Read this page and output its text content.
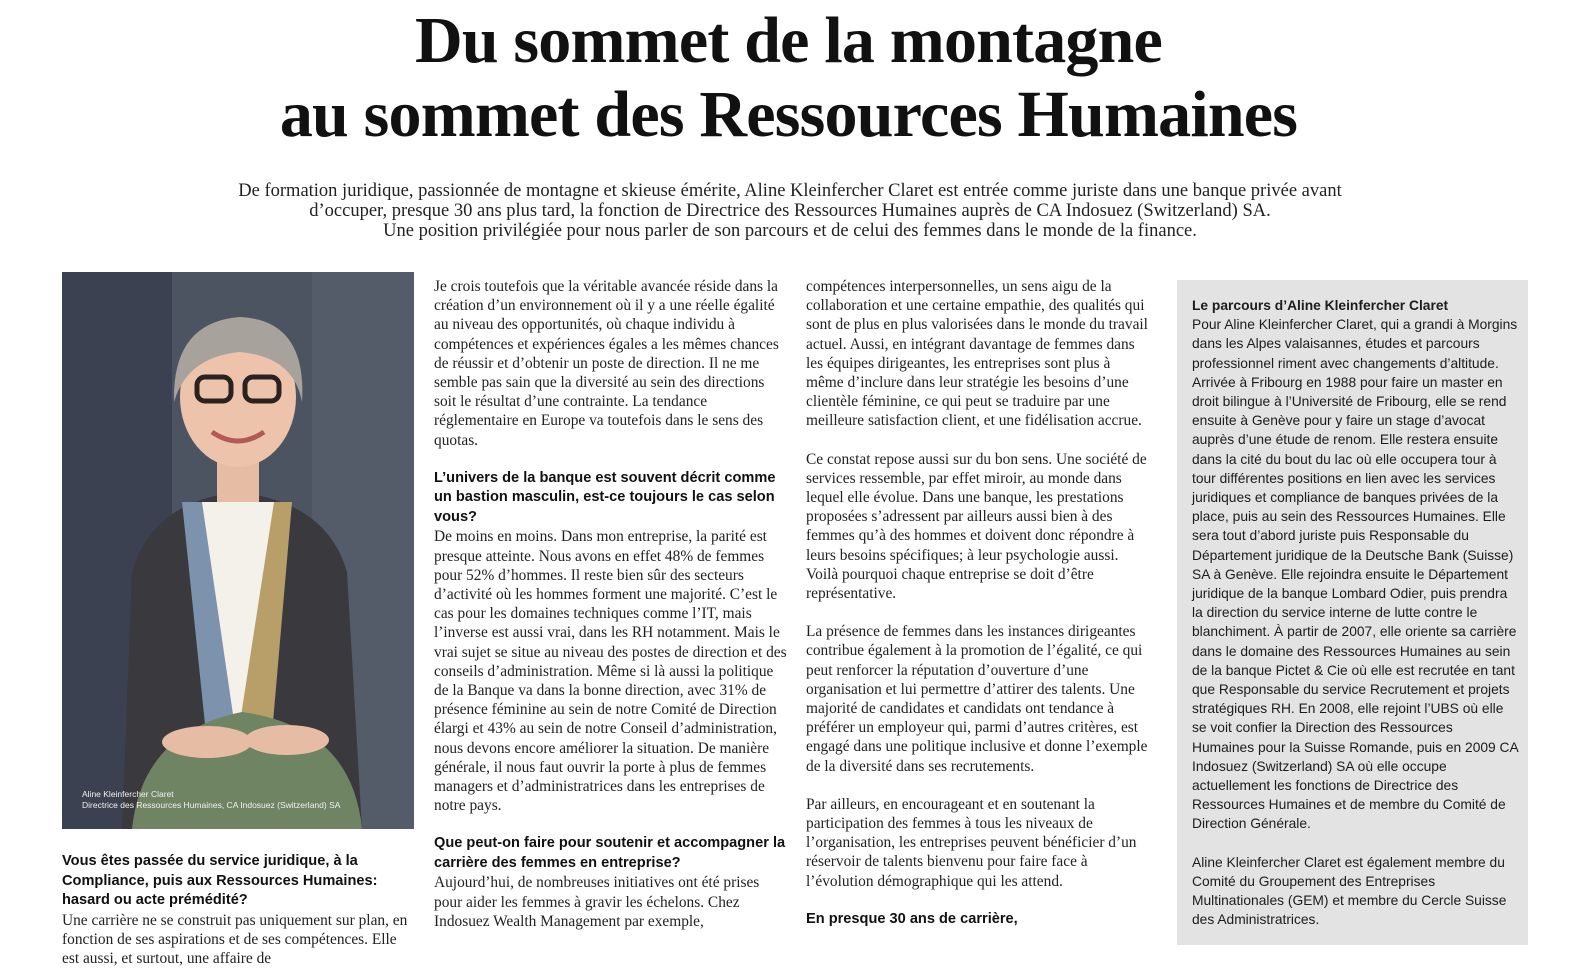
Du sommet de la montagne
au sommet des Ressources Humaines

De formation juridique, passionnée de montagne et skieuse émérite, Aline Kleinfercher Claret est entrée comme juriste dans une banque privée avant
d’occuper, presque 30 ans plus tard, la fonction de Directrice des Ressources Humaines auprès de CA Indosuez (Switzerland) SA.
Une position privilégiée pour nous parler de son parcours et de celui des femmes dans le monde de la finance.

Aline Kleinfercher Claret
Directrice des Ressources Humaines, CA Indosuez (Switzerland) SA

Vous êtes passée du service juridique, à la Compliance, puis aux Ressources Humaines: hasard ou acte prémédité?

Une carrière ne se construit pas uniquement sur plan, en fonction de ses aspirations et de ses compétences. Elle est aussi, et surtout, une affaire de

Je crois toutefois que la véritable avancée réside dans la création d’un environnement où il y a une réelle égalité au niveau des opportunités, où chaque individu à compétences et expériences égales a les mêmes chances de réussir et d’obtenir un poste de direction. Il ne me semble pas sain que la diversité au sein des directions soit le résultat d’une contrainte. La tendance réglementaire en Europe va toutefois dans le sens des quotas.

L’univers de la banque est souvent décrit comme un bastion masculin, est-ce toujours le cas selon vous?

De moins en moins. Dans mon entreprise, la parité est presque atteinte. Nous avons en effet 48% de femmes pour 52% d’hommes. Il reste bien sûr des secteurs d’activité où les hommes forment une majorité. C’est le cas pour les domaines techniques comme l’IT, mais l’inverse est aussi vrai, dans les RH notamment. Mais le vrai sujet se situe au niveau des postes de direction et des conseils d’administration. Même si là aussi la politique de la Banque va dans la bonne direction, avec 31% de présence féminine au sein de notre Comité de Direction élargi et 43% au sein de notre Conseil d’administration, nous devons encore améliorer la situation. De manière générale, il nous faut ouvrir la porte à plus de femmes managers et d’administratrices dans les entreprises de notre pays.

Que peut-on faire pour soutenir et accompagner la carrière des femmes en entreprise?

Aujourd’hui, de nombreuses initiatives ont été prises pour aider les femmes à gravir les échelons. Chez Indosuez Wealth Management par exemple,

compétences interpersonnelles, un sens aigu de la collaboration et une certaine empathie, des qualités qui sont de plus en plus valorisées dans le monde du travail actuel. Aussi, en intégrant davantage de femmes dans les équipes dirigeantes, les entreprises sont plus à même d’inclure dans leur stratégie les besoins d’une clientèle féminine, ce qui peut se traduire par une meilleure satisfaction client, et une fidélisation accrue.

Ce constat repose aussi sur du bon sens. Une société de services ressemble, par effet miroir, au monde dans lequel elle évolue. Dans une banque, les prestations proposées s’adressent par ailleurs aussi bien à des femmes qu’à des hommes et doivent donc répondre à leurs besoins spécifiques; à leur psychologie aussi. Voilà pourquoi chaque entreprise se doit d’être représentative.

La présence de femmes dans les instances dirigeantes contribue également à la promotion de l’égalité, ce qui peut renforcer la réputation d’ouverture d’une organisation et lui permettre d’attirer des talents. Une majorité de candidates et candidats ont tendance à préférer un employeur qui, parmi d’autres critères, est engagé dans une politique inclusive et donne l’exemple de la diversité dans ses recrutements.

Par ailleurs, en encourageant et en soutenant la participation des femmes à tous les niveaux de l’organisation, les entreprises peuvent bénéficier d’un réservoir de talents bienvenu pour faire face à l’évolution démographique qui les attend.

En presque 30 ans de carrière,

Le parcours d’Aline Kleinfercher Claret

Pour Aline Kleinfercher Claret, qui a grandi à Morgins dans les Alpes valaisannes, études et parcours professionnel riment avec changements d’altitude. Arrivée à Fribourg en 1988 pour faire un master en droit bilingue à l’Université de Fribourg, elle se rend ensuite à Genève pour y faire un stage d’avocat auprès d’une étude de renom. Elle restera ensuite dans la cité du bout du lac où elle occupera tour à tour différentes positions en lien avec les services juridiques et compliance de banques privées de la place, puis au sein des Ressources Humaines. Elle sera tout d’abord juriste puis Responsable du Département juridique de la Deutsche Bank (Suisse) SA à Genève. Elle rejoindra ensuite le Département juridique de la banque Lombard Odier, puis prendra la direction du service interne de lutte contre le blanchiment. À partir de 2007, elle oriente sa carrière dans le domaine des Ressources Humaines au sein de la banque Pictet & Cie où elle est recrutée en tant que Responsable du service Recrutement et projets stratégiques RH. En 2008, elle rejoint l’UBS où elle se voit confier la Direction des Ressources Humaines pour la Suisse Romande, puis en 2009 CA Indosuez (Switzerland) SA où elle occupe actuellement les fonctions de Directrice des Ressources Humaines et de membre du Comité de Direction Générale.

Aline Kleinfercher Claret est également membre du Comité du Groupement des Entreprises Multinationales (GEM) et membre du Cercle Suisse des Administratrices.
